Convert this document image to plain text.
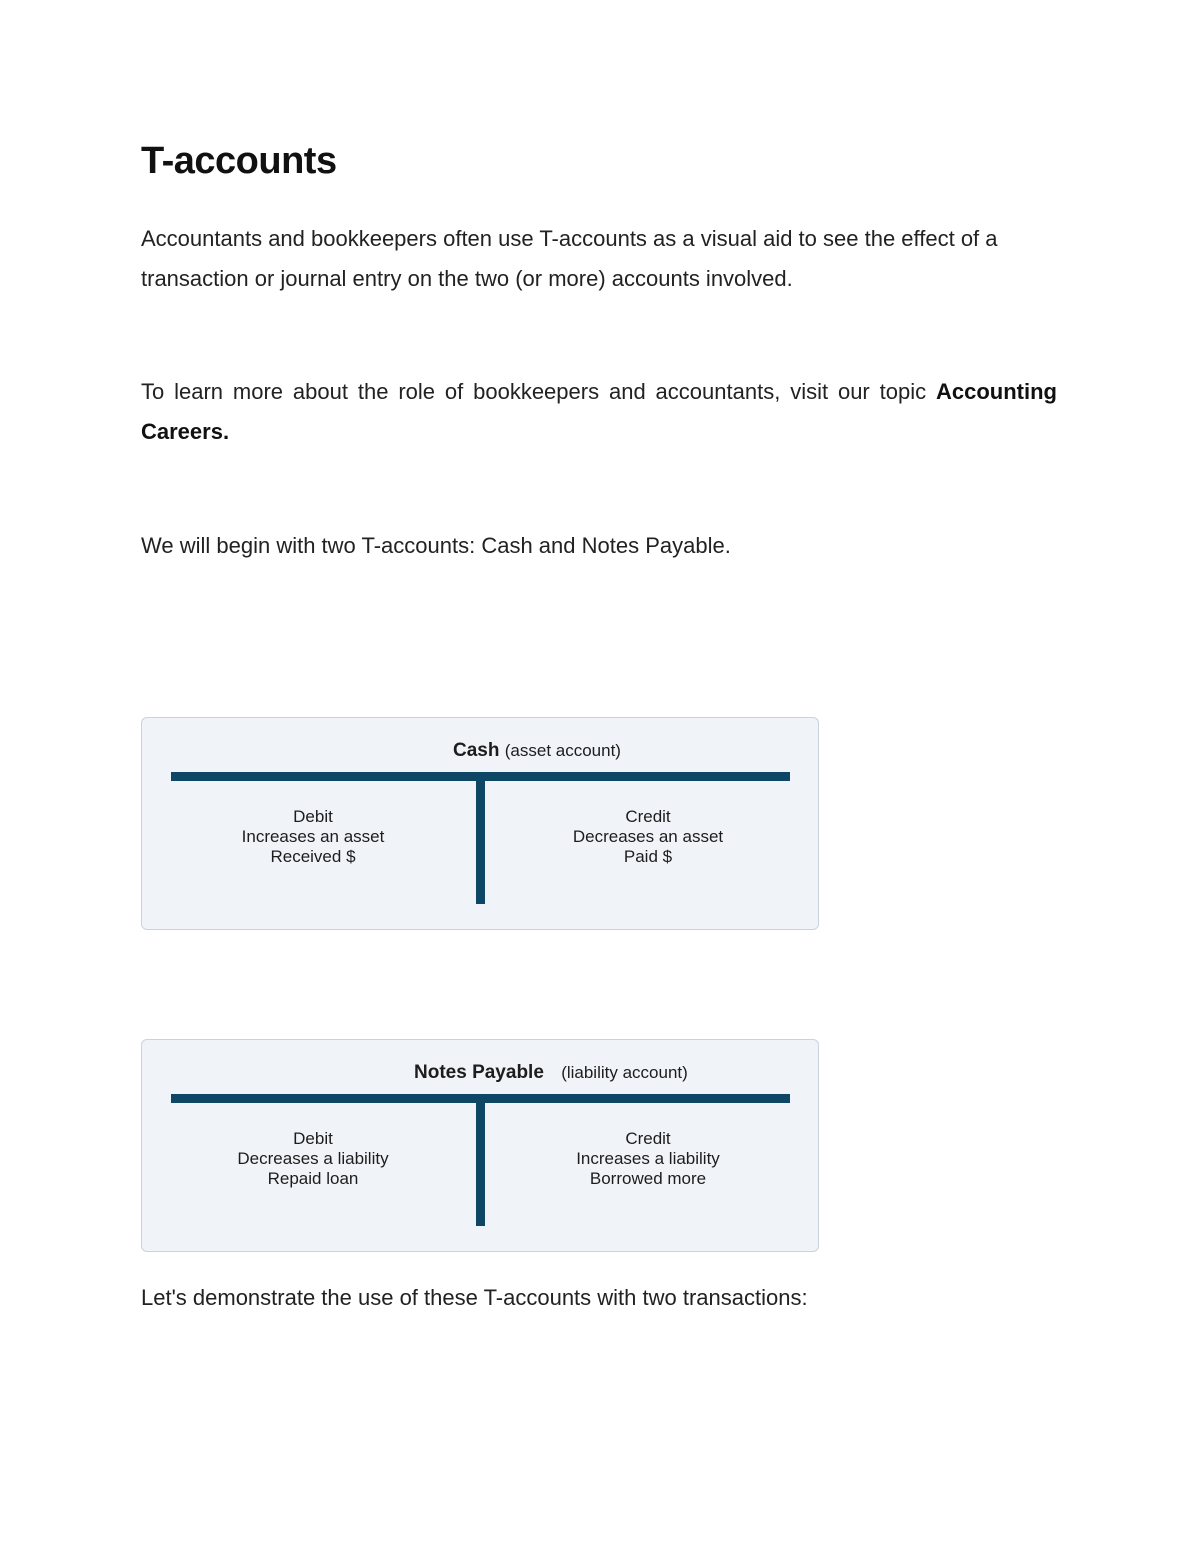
T-accounts

Accountants and bookkeepers often use T-accounts as a visual aid to see the effect of a transaction or journal entry on the two (or more) accounts involved.

To learn more about the role of bookkeepers and accountants, visit our topic Accounting Careers.

We will begin with two T-accounts: Cash and Notes Payable.

Cash (asset account)
Debit
Increases an asset
Received $
Credit
Decreases an asset
Paid $
Notes Payable (liability account)
Debit
Decreases a liability
Repaid loan
Credit
Increases a liability
Borrowed more

Let's demonstrate the use of these T-accounts with two transactions:
